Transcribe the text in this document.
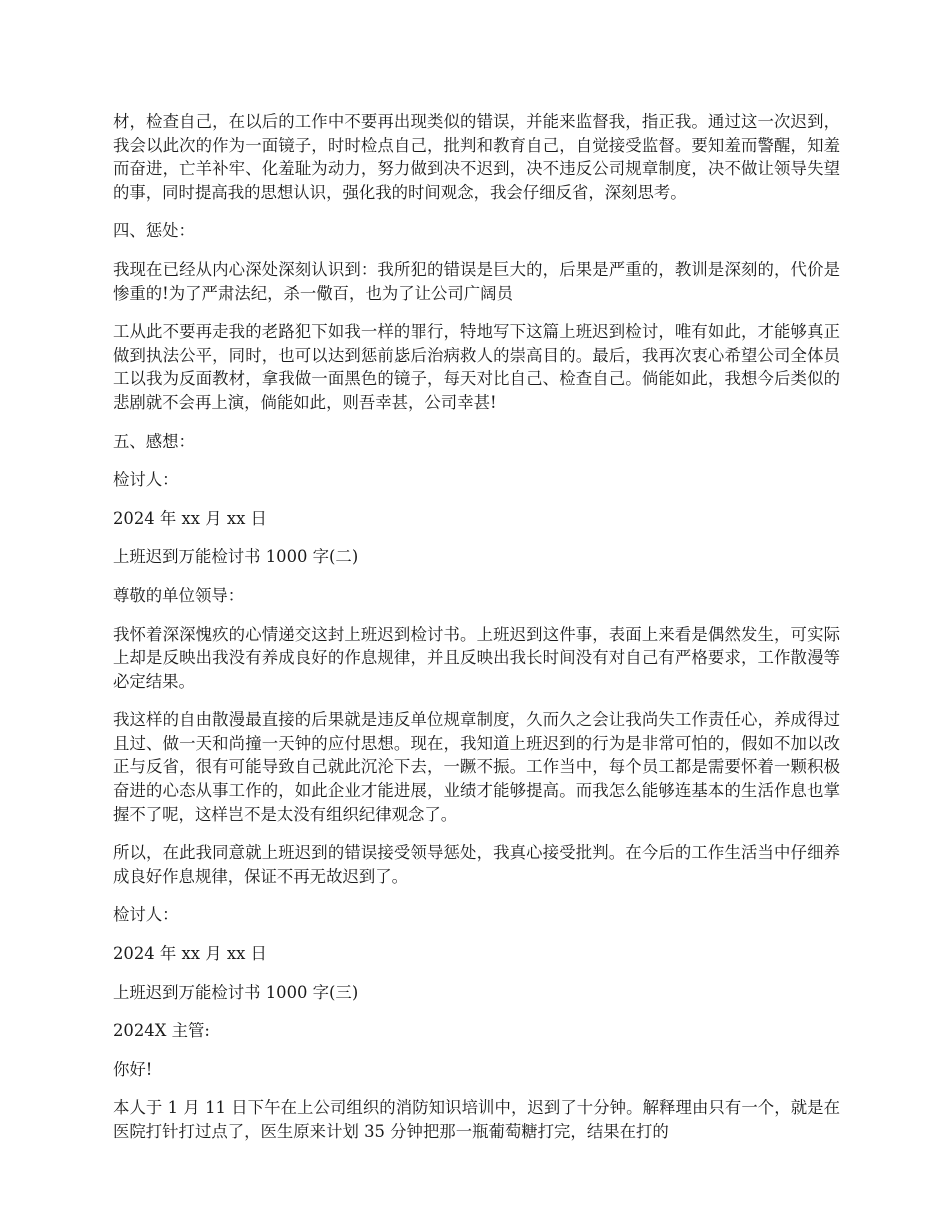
材，检查自己，在以后的工作中不要再出现类似的错误，并能来监督我，指正我。通过这一次迟到，我会以此次的作为一面镜子，时时检点自己，批判和教育自己，自觉接受监督。要知羞而警醒，知羞而奋进，亡羊补牢、化羞耻为动力，努力做到决不迟到，决不违反公司规章制度，决不做让领导失望的事，同时提高我的思想认识，强化我的时间观念，我会仔细反省，深刻思考。

四、惩处：

我现在已经从内心深处深刻认识到：我所犯的错误是巨大的，后果是严重的，教训是深刻的，代价是惨重的!为了严肃法纪，杀一儆百，也为了让公司广阔员

工从此不要再走我的老路犯下如我一样的罪行，特地写下这篇上班迟到检讨，唯有如此，才能够真正做到执法公平，同时，也可以达到惩前毖后治病救人的崇高目的。最后，我再次衷心希望公司全体员工以我为反面教材，拿我做一面黑色的镜子，每天对比自己、检查自己。倘能如此，我想今后类似的悲剧就不会再上演，倘能如此，则吾幸甚，公司幸甚!

五、感想：

检讨人：

2024 年 xx 月 xx 日

上班迟到万能检讨书 1000 字(二)

尊敬的单位领导：

我怀着深深愧疚的心情递交这封上班迟到检讨书。上班迟到这件事，表面上来看是偶然发生，可实际上却是反映出我没有养成良好的作息规律，并且反映出我长时间没有对自己有严格要求，工作散漫等必定结果。

我这样的自由散漫最直接的后果就是违反单位规章制度，久而久之会让我尚失工作责任心，养成得过且过、做一天和尚撞一天钟的应付思想。现在，我知道上班迟到的行为是非常可怕的，假如不加以改正与反省，很有可能导致自己就此沉沦下去，一蹶不振。工作当中，每个员工都是需要怀着一颗积极奋进的心态从事工作的，如此企业才能进展，业绩才能够提高。而我怎么能够连基本的生活作息也掌握不了呢，这样岂不是太没有组织纪律观念了。

所以，在此我同意就上班迟到的错误接受领导惩处，我真心接受批判。在今后的工作生活当中仔细养成良好作息规律，保证不再无故迟到了。

检讨人：

2024 年 xx 月 xx 日

上班迟到万能检讨书 1000 字(三)

2024X 主管:

你好!

本人于 1 月 11 日下午在上公司组织的消防知识培训中，迟到了十分钟。解释理由只有一个，就是在医院打针打过点了，医生原来计划 35 分钟把那一瓶葡萄糖打完，结果在打的
